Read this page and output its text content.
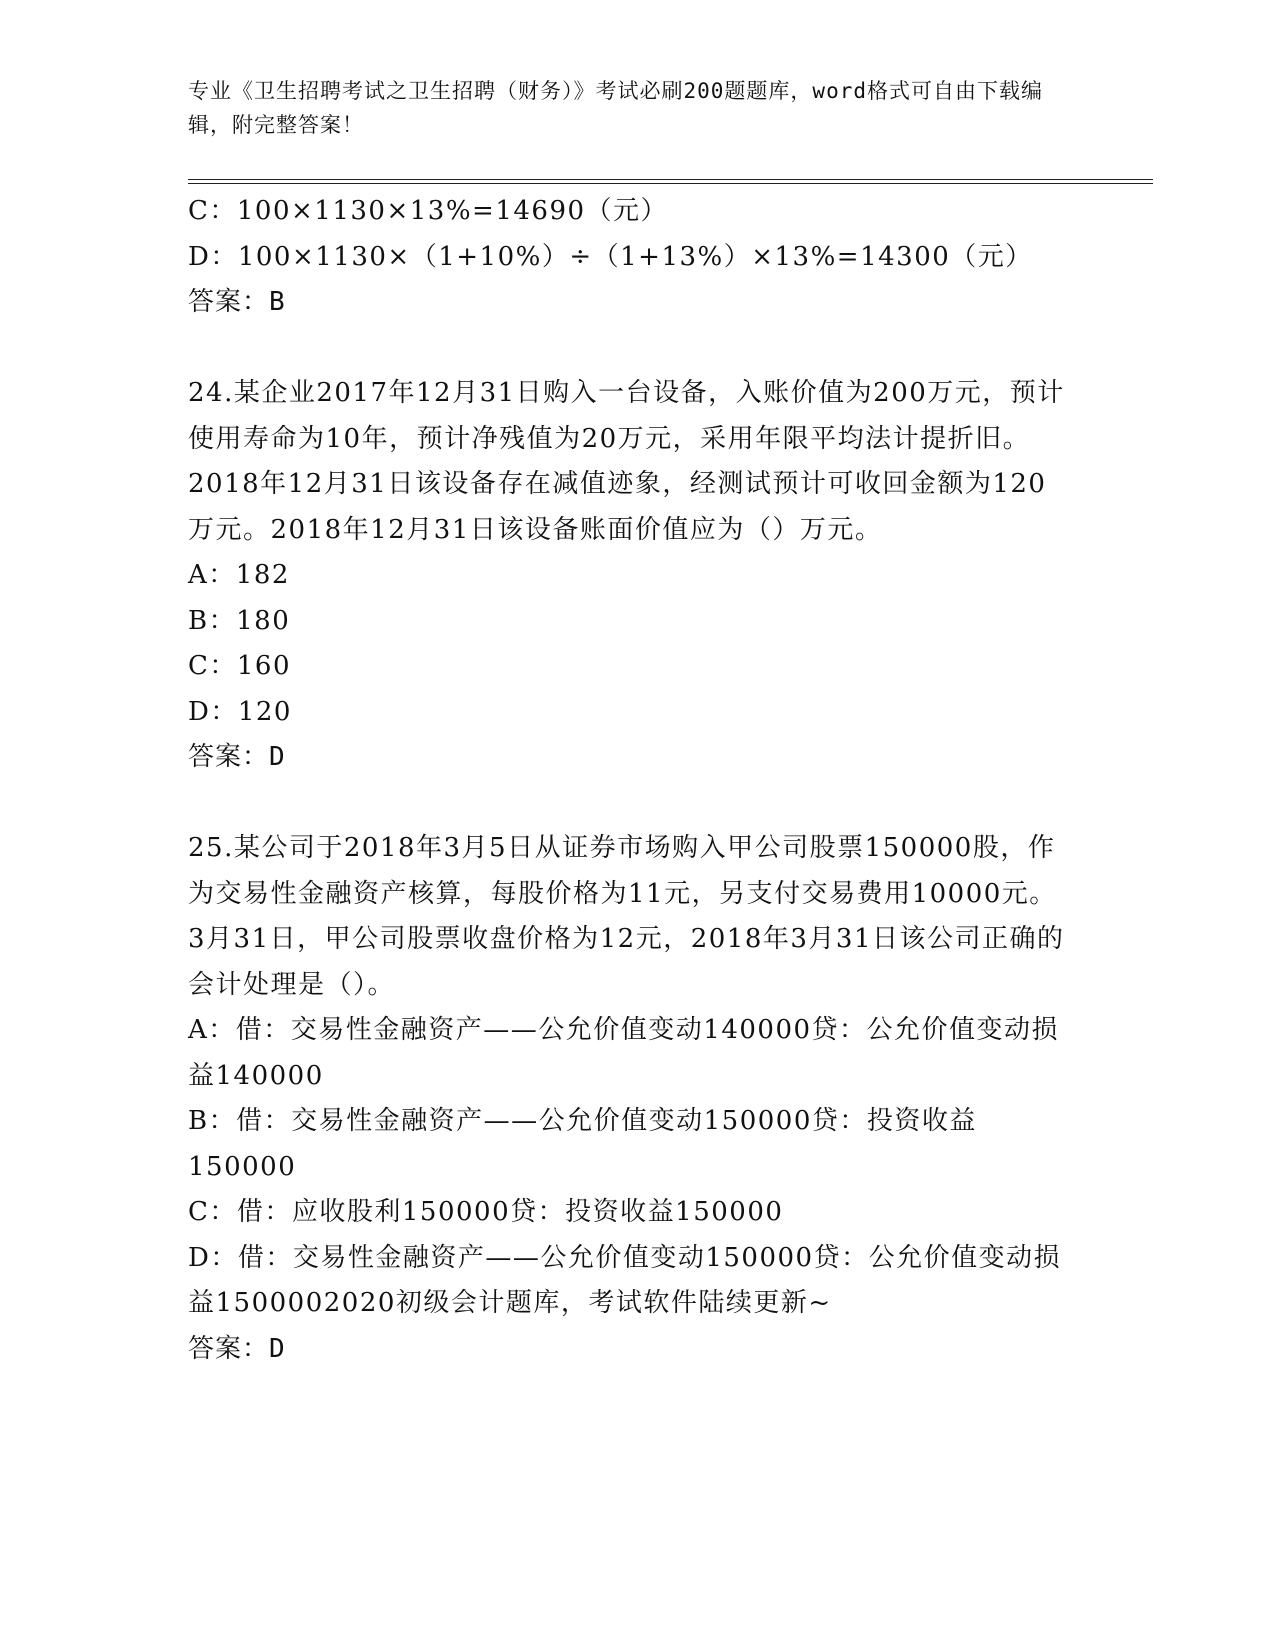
专业《卫生招聘考试之卫生招聘（财务）》考试必刷200题题库，word格式可自由下载编辑，附完整答案！
C：100×1130×13%=14690（元）
D：100×1130×（1+10%）÷（1+13%）×13%=14300（元）
答案：B
24.某企业2017年12月31日购入一台设备，入账价值为200万元，预计使用寿命为10年，预计净残值为20万元，采用年限平均法计提折旧。2018年12月31日该设备存在减值迹象，经测试预计可收回金额为120万元。2018年12月31日该设备账面价值应为（）万元。
A：182
B：180
C：160
D：120
答案：D
25.某公司于2018年3月5日从证券市场购入甲公司股票150000股，作为交易性金融资产核算，每股价格为11元，另支付交易费用10000元。3月31日，甲公司股票收盘价格为12元，2018年3月31日该公司正确的会计处理是（）。
A：借：交易性金融资产——公允价值变动140000贷：公允价值变动损益140000
B：借：交易性金融资产——公允价值变动150000贷：投资收益150000
C：借：应收股利150000贷：投资收益150000
D：借：交易性金融资产——公允价值变动150000贷：公允价值变动损益1500002020初级会计题库，考试软件陆续更新~
答案：D
